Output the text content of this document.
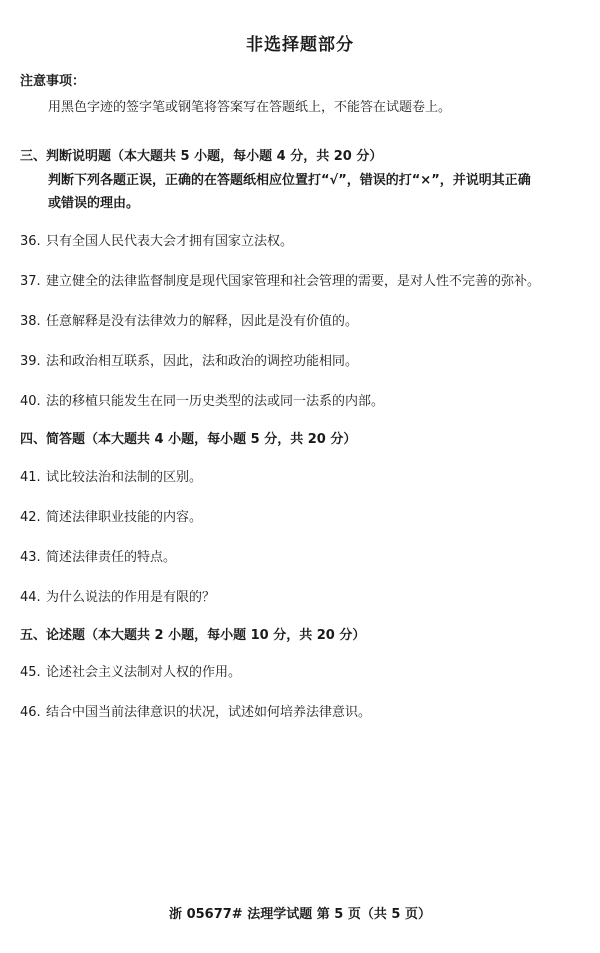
非选择题部分
注意事项：
用黑色字迹的签字笔或钢笔将答案写在答题纸上，不能答在试题卷上。
三、判断说明题（本大题共 5 小题，每小题 4 分，共 20 分）
判断下列各题正误，正确的在答题纸相应位置打“√”，错误的打“×”，并说明其正确
或错误的理由。
36. 只有全国人民代表大会才拥有国家立法权。
37. 建立健全的法律监督制度是现代国家管理和社会管理的需要，是对人性不完善的弥补。
38. 任意解释是没有法律效力的解释，因此是没有价值的。
39. 法和政治相互联系，因此，法和政治的调控功能相同。
40. 法的移植只能发生在同一历史类型的法或同一法系的内部。
四、简答题（本大题共 4 小题，每小题 5 分，共 20 分）
41. 试比较法治和法制的区别。
42. 简述法律职业技能的内容。
43. 简述法律责任的特点。
44. 为什么说法的作用是有限的？
五、论述题（本大题共 2 小题，每小题 10 分，共 20 分）
45. 论述社会主义法制对人权的作用。
46. 结合中国当前法律意识的状况，试述如何培养法律意识。
浙 05677# 法理学试题 第 5 页（共 5 页）
